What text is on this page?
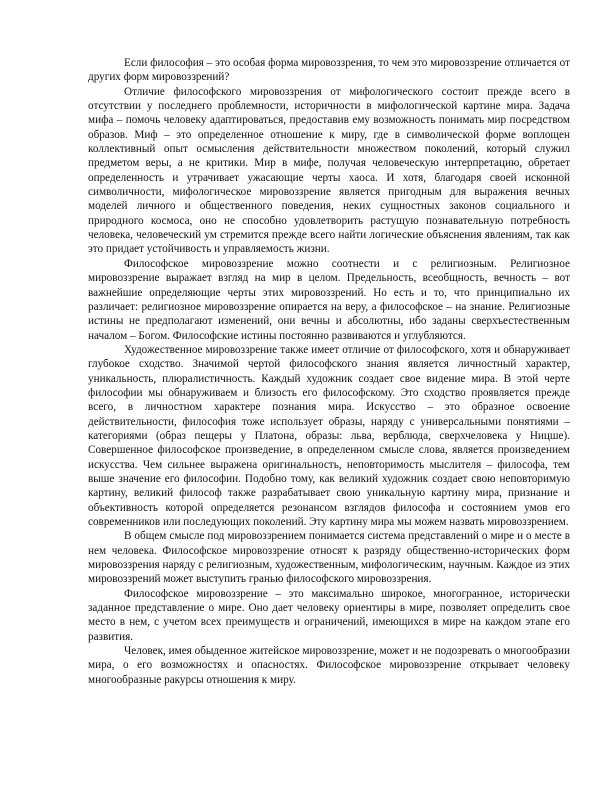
Если философия – это особая форма мировоззрения, то чем это мировоззрение отличается от других форм мировоззрений?

Отличие философского мировоззрения от мифологического состоит прежде всего в отсутствии у последнего проблемности, историчности в мифологической картине мира. Задача мифа – помочь человеку адаптироваться, предоставив ему возможность понимать мир посредством образов. Миф – это определенное отношение к миру, где в символической форме воплощен коллективный опыт осмысления действительности множеством поколений, который служил предметом веры, а не критики. Мир в мифе, получая человеческую интерпретацию, обретает определенность и утрачивает ужасающие черты хаоса. И хотя, благодаря своей исконной символичности, мифологическое мировоззрение является пригодным для выражения вечных моделей личного и общественного поведения, неких сущностных законов социального и природного космоса, оно не способно удовлетворить растущую познавательную потребность человека, человеческий ум стремится прежде всего найти логические объяснения явлениям, так как это придает устойчивость и управляемость жизни.

Философское мировоззрение можно соотнести и с религиозным. Религиозное мировоззрение выражает взгляд на мир в целом. Предельность, всеобщность, вечность – вот важнейшие определяющие черты этих мировоззрений. Но есть и то, что принципиально их различает: религиозное мировоззрение опирается на веру, а философское – на знание. Религиозные истины не предполагают изменений, они вечны и абсолютны, ибо заданы сверхъестественным началом – Богом. Философские истины постоянно развиваются и углубляются.

Художественное мировоззрение также имеет отличие от философского, хотя и обнаруживает глубокое сходство. Значимой чертой философского знания является личностный характер, уникальность, плюралистичность. Каждый художник создает свое видение мира. В этой черте философии мы обнаруживаем и близость его философскому. Это сходство проявляется прежде всего, в личностном характере познания мира. Искусство – это образное освоение действительности, философия тоже использует образы, наряду с универсальными понятиями – категориями (образ пещеры у Платона, образы: льва, верблюда, сверхчеловека у Ницше). Совершенное философское произведение, в определенном смысле слова, является произведением искусства. Чем сильнее выражена оригинальность, неповторимость мыслителя – философа, тем выше значение его философии. Подобно тому, как великий художник создает свою неповторимую картину, великий философ также разрабатывает свою уникальную картину мира, признание и объективность которой определяется резонансом взглядов философа и состоянием умов его современников или последующих поколений. Эту картину мира мы можем назвать мировоззрением.

В общем смысле под мировоззрением понимается система представлений о мире и о месте в нем человека. Философское мировоззрение относят к разряду общественно-исторических форм мировоззрения наряду с религиозным, художественным, мифологическим, научным. Каждое из этих мировоззрений может выступить гранью философского мировоззрения.

Философское мировоззрение – это максимально широкое, многогранное, исторически заданное представление о мире. Оно дает человеку ориентиры в мире, позволяет определить свое место в нем, с учетом всех преимуществ и ограничений, имеющихся в мире на каждом этапе его развития.

Человек, имея обыденное житейское мировоззрение, может и не подозревать о многообразии мира, о его возможностях и опасностях. Философское мировоззрение открывает человеку многообразные ракурсы отношения к миру.
